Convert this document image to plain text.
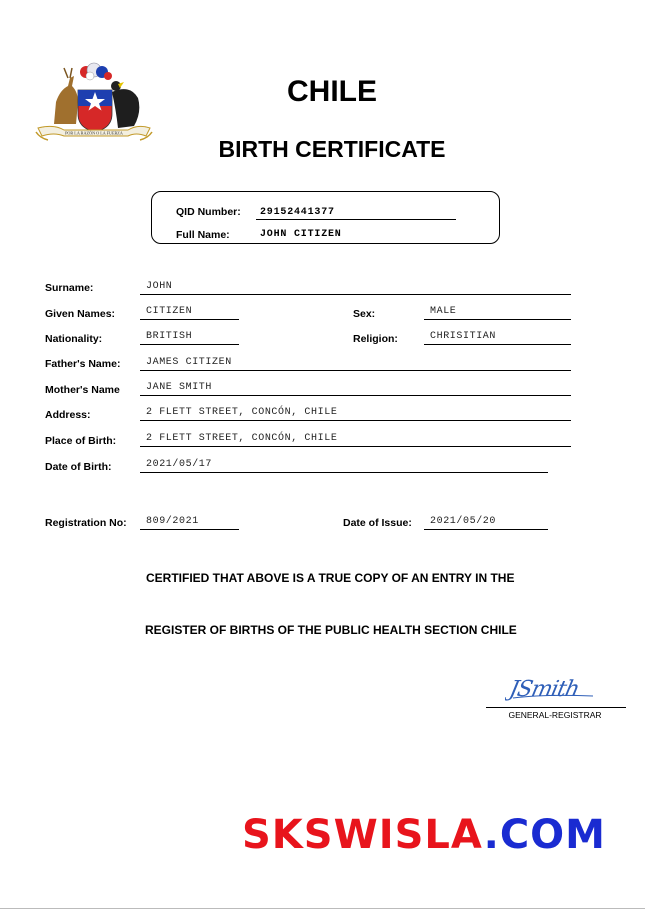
POR LA RAZÓN O LA FUERZA
CHILE
BIRTH CERTIFICATE
QID Number:	29152441377
Full Name:	JOHN CITIZEN
Surname:	JOHN
Given Names:	CITIZEN	Sex:	MALE
Nationality:	BRITISH	Religion:	CHRISITIAN
Father's Name:	JAMES CITIZEN
Mother's Name	JANE SMITH
Address:	2 FLETT STREET, CONCÓN, CHILE
Place of Birth:	2 FLETT STREET, CONCÓN, CHILE
Date of Birth:	2021/05/17
Registration No:	809/2021	Date of Issue:	2021/05/20
CERTIFIED THAT ABOVE IS A TRUE COPY OF AN ENTRY IN THE
REGISTER OF BIRTHS OF THE PUBLIC HEALTH SECTION CHILE
JSmith
GENERAL-REGISTRAR
SKSWISLA.COM
